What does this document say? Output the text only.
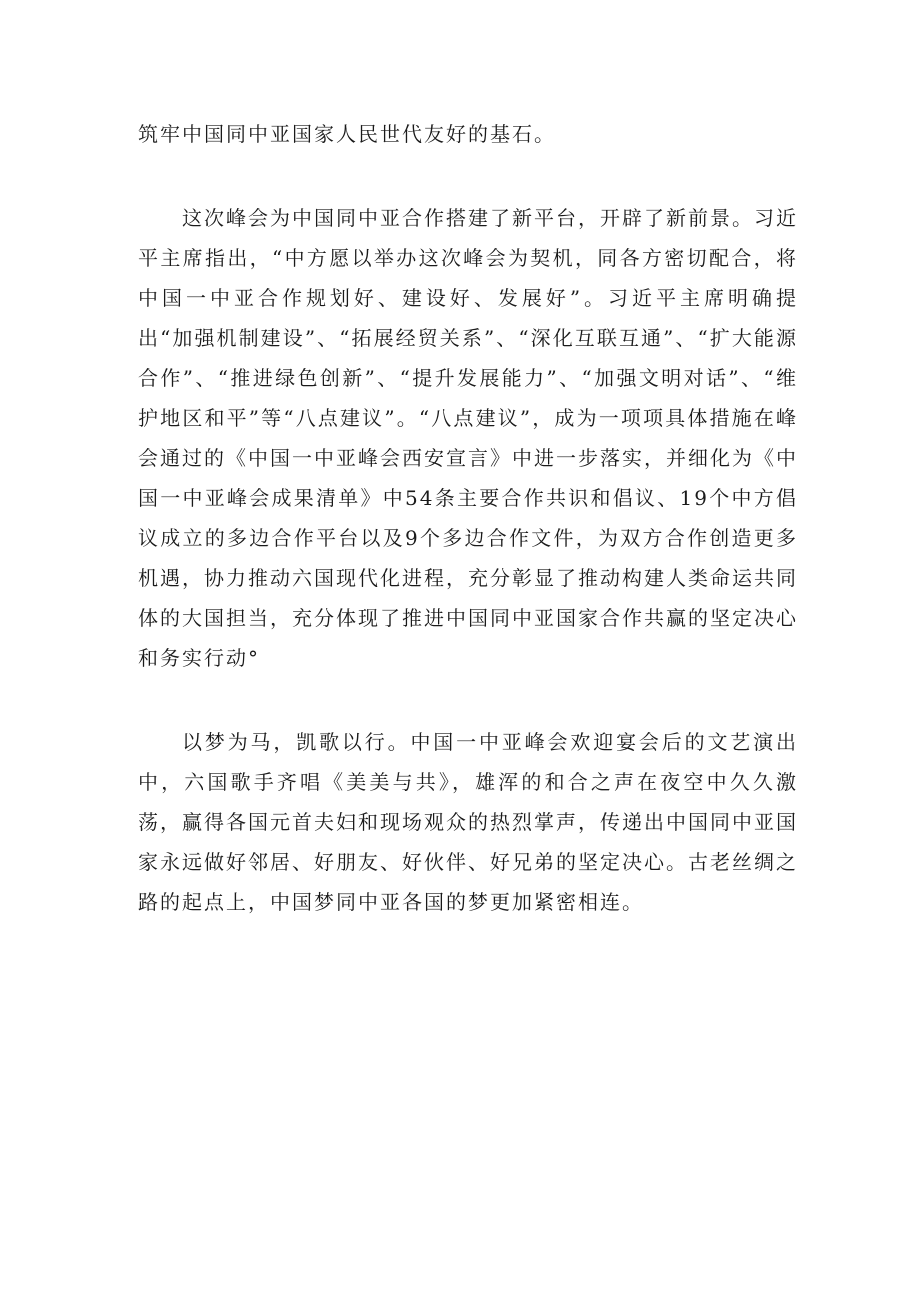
筑牢中国同中亚国家人民世代友好的基石。

这次峰会为中国同中亚合作搭建了新平台，开辟了新前景。习近平主席指出，“中方愿以举办这次峰会为契机，同各方密切配合，将中国一中亚合作规划好、建设好、发展好”。习近平主席明确提出“加强机制建设”、“拓展经贸关系”、“深化互联互通”、“扩大能源合作”、“推进绿色创新”、“提升发展能力”、“加强文明对话”、“维护地区和平”等“八点建议”。“八点建议”，成为一项项具体措施在峰会通过的《中国一中亚峰会西安宣言》中进一步落实，并细化为《中国一中亚峰会成果清单》中54条主要合作共识和倡议、19个中方倡议成立的多边合作平台以及9个多边合作文件，为双方合作创造更多机遇，协力推动六国现代化进程，充分彰显了推动构建人类命运共同体的大国担当，充分体现了推进中国同中亚国家合作共赢的坚定决心和务实行动°

以梦为马，凯歌以行。中国一中亚峰会欢迎宴会后的文艺演出中，六国歌手齐唱《美美与共》，雄浑的和合之声在夜空中久久激荡，赢得各国元首夫妇和现场观众的热烈掌声，传递出中国同中亚国家永远做好邻居、好朋友、好伙伴、好兄弟的坚定决心。古老丝绸之路的起点上，中国梦同中亚各国的梦更加紧密相连。
